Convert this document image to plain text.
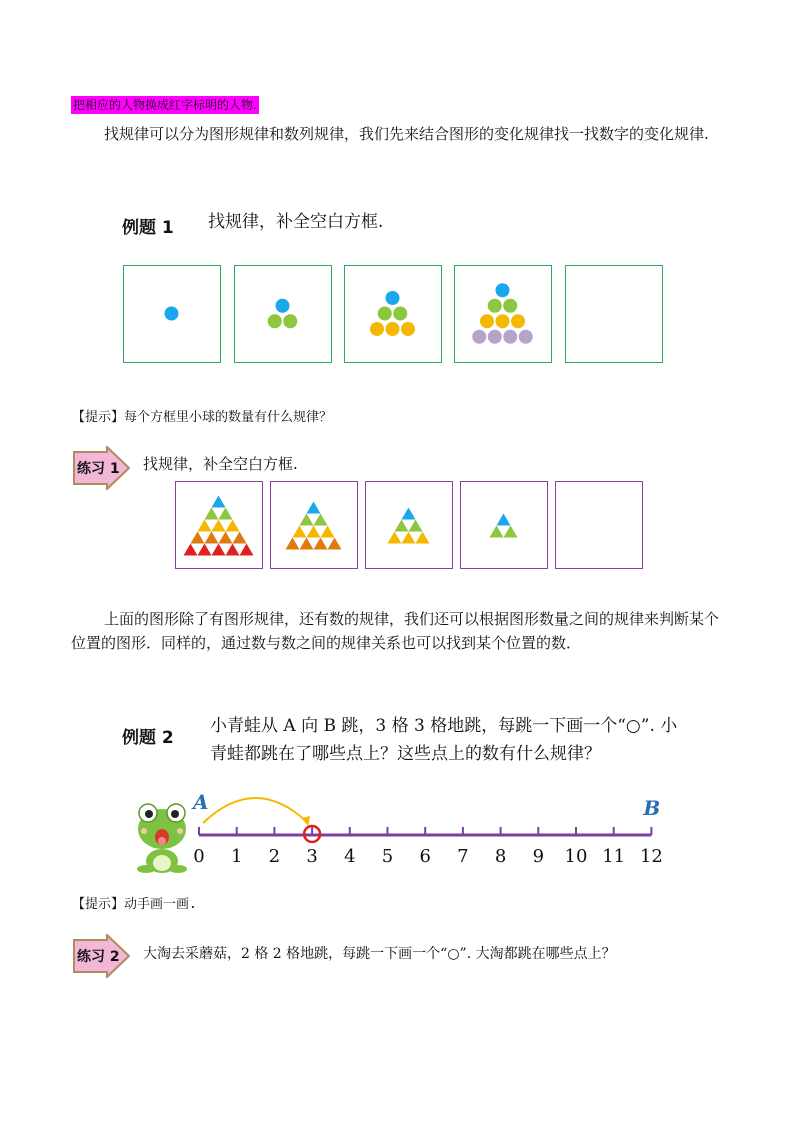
把相应的人物换成红字标明的人物.
找规律可以分为图形规律和数列规律，我们先来结合图形的变化规律找一找数字的变化规律.
例题 1 找规律，补全空白方框.
【提示】每个方框里小球的数量有什么规律？
练习 1 找规律，补全空白方框.
上面的图形除了有图形规律，还有数的规律，我们还可以根据图形数量之间的规律来判断某个位置的图形．同样的，通过数与数之间的规律关系也可以找到某个位置的数．
例题 2
小青蛙从 A 向 B 跳，3 格 3 格地跳，每跳一下画一个“○”. 小
青蛙都跳在了哪些点上？这些点上的数有什么规律？
0 1 2 3 4 5 6 7 8 9 10 11 12
A	B
【提示】动手画一画.
练习 2 大淘去采蘑菇，2 格 2 格地跳，每跳一下画一个“○”. 大淘都跳在哪些点上？
